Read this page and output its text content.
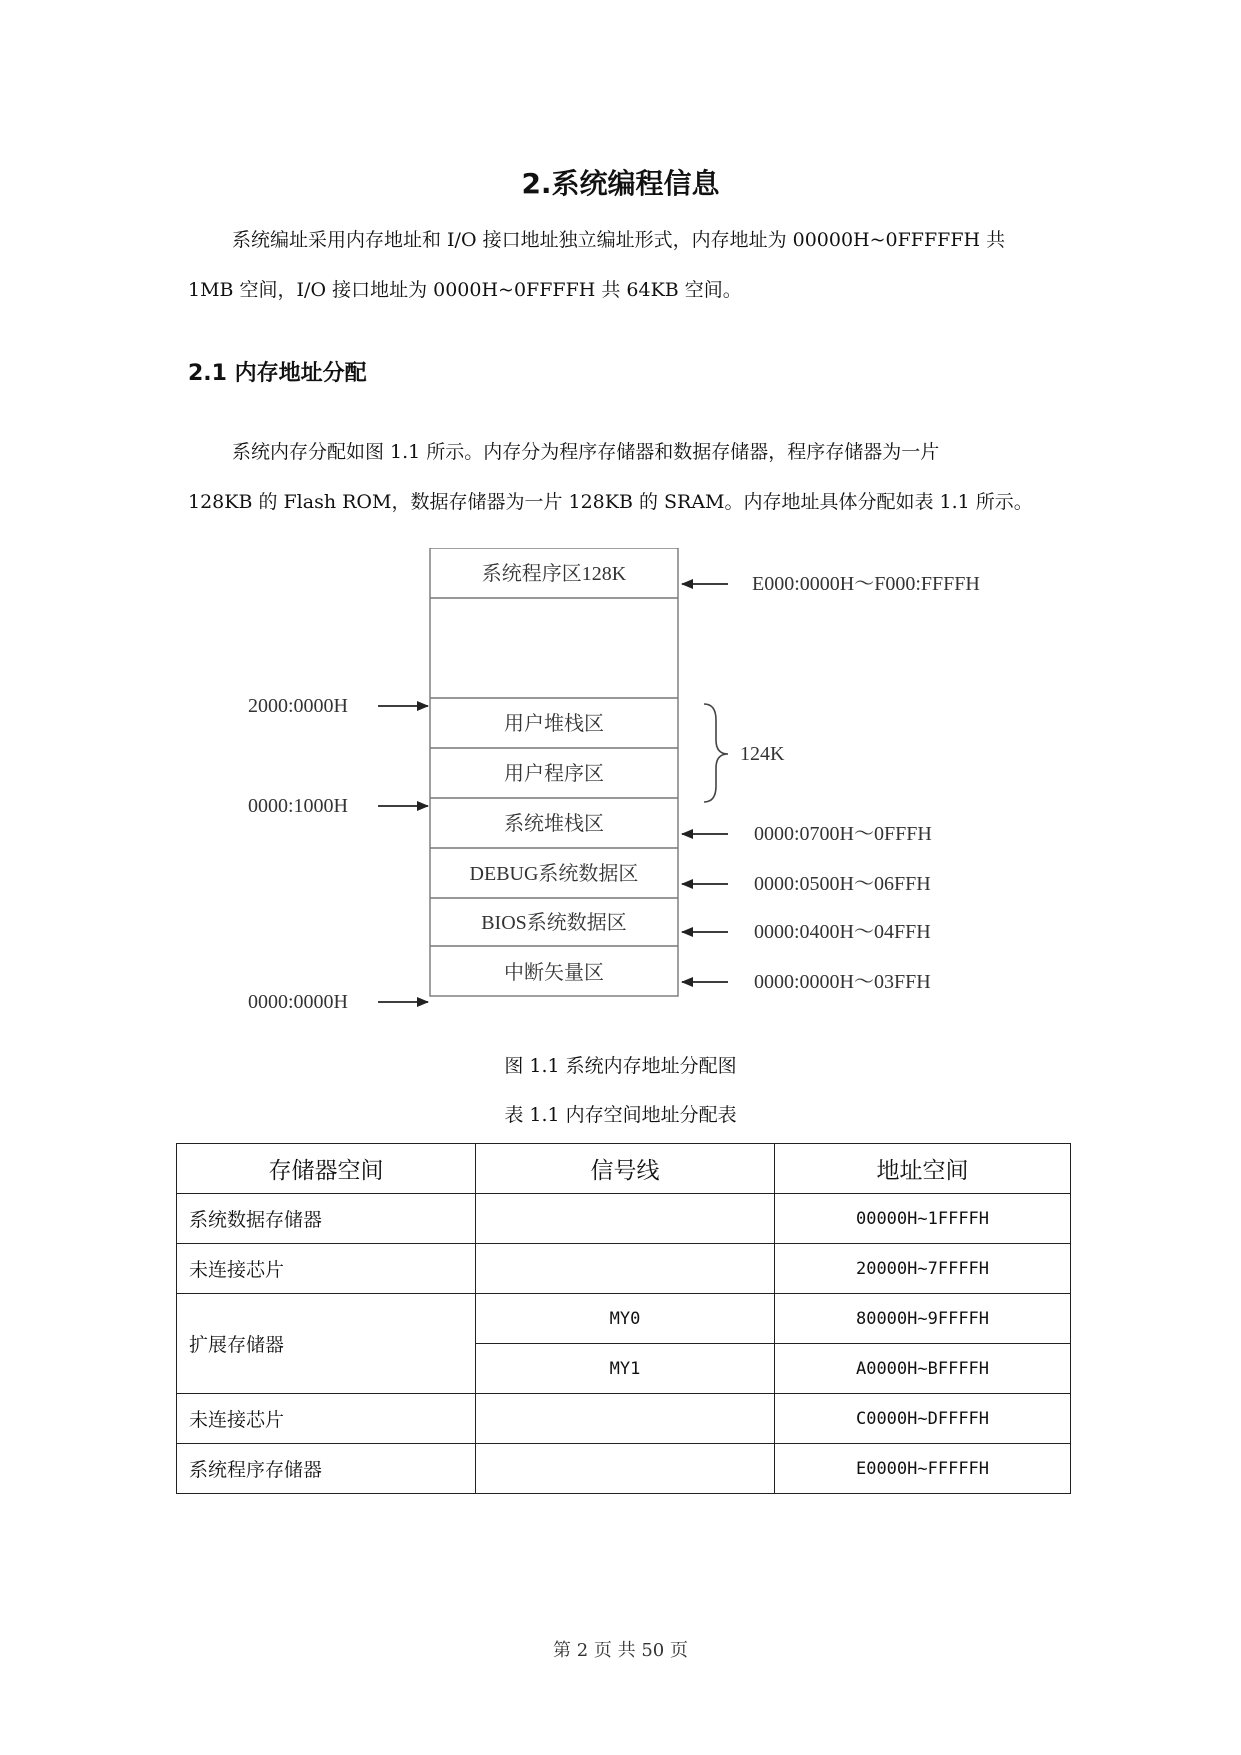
2.系统编程信息
系统编址采用内存地址和 I/O 接口地址独立编址形式，内存地址为 00000H~0FFFFFH 共
1MB 空间，I/O 接口地址为 0000H~0FFFFH 共 64KB 空间。
2.1 内存地址分配
系统内存分配如图 1.1 所示。内存分为程序存储器和数据存储器，程序存储器为一片
128KB 的 Flash ROM，数据存储器为一片 128KB 的 SRAM。内存地址具体分配如表 1.1 所示。
系统程序区128K
用户堆栈区
用户程序区
系统堆栈区
DEBUG系统数据区
BIOS系统数据区
中断矢量区
2000:0000H
0000:1000H
0000:0000H
E000:0000H～F000:FFFFH
0000:0700H～0FFFH
0000:0500H～06FFH
0000:0400H～04FFH
0000:0000H～03FFH
124K
图 1.1 系统内存地址分配图
表 1.1 内存空间地址分配表
存储器空间	信号线	地址空间
系统数据存储器		00000H~1FFFFH
未连接芯片		20000H~7FFFFH
扩展存储器	MY0	80000H~9FFFFH
	MY1	A0000H~BFFFFH
未连接芯片		C0000H~DFFFFH
系统程序存储器		E0000H~FFFFFH
第 2 页 共 50 页
